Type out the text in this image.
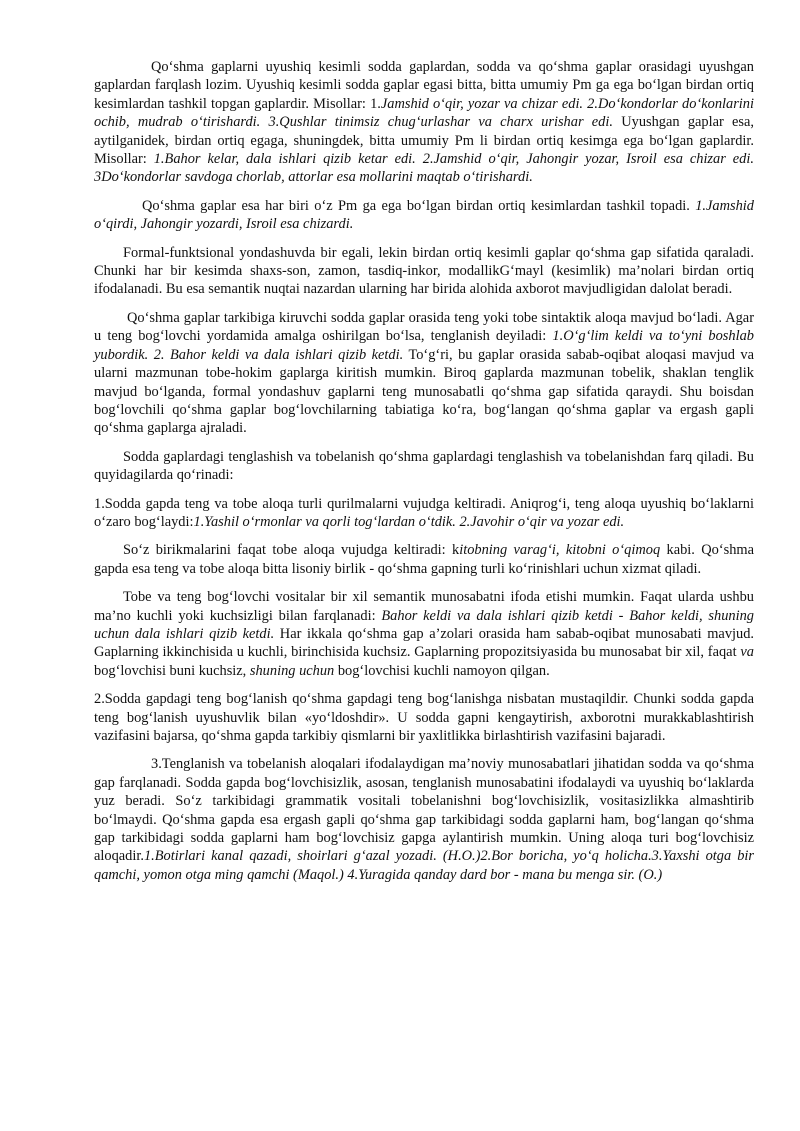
Qo‘shma gaplarni uyushiq kesimli sodda gaplardan, sodda va qo‘shma gaplar orasidagi uyushgan gaplardan farqlash lozim. Uyushiq kesimli sodda gaplar egasi bitta, bitta umumiy Pm ga ega bo‘lgan birdan ortiq kesimlardan tashkil topgan gaplardir. Misollar: 1.Jamshid o‘qir, yozar va chizar edi. 2.Do‘kondorlar do‘konlarini ochib, mudrab o‘tirishardi. 3.Qushlar tinimsiz chug‘urlashar va charx urishar edi. Uyushgan gaplar esa, aytilganidek, birdan ortiq egaga, shuningdek, bitta umumiy Pm li birdan ortiq kesimga ega bo‘lgan gaplardir. Misollar: 1.Bahor kelar, dala ishlari qizib ketar edi. 2.Jamshid o‘qir, Jahongir yozar, Isroil esa chizar edi. 3Do‘kondorlar savdoga chorlab, attorlar esa mollarini maqtab o‘tirishardi.

Qo‘shma gaplar esa har biri o‘z Pm ga ega bo‘lgan birdan ortiq kesimlardan tashkil topadi. 1.Jamshid o‘qirdi, Jahongir yozardi, Isroil esa chizardi.

Formal-funktsional yondashuvda bir egali, lekin birdan ortiq kesimli gaplar qo‘shma gap sifatida qaraladi. Chunki har bir kesimda shaxs-son, zamon, tasdiq-inkor, modallikG‘mayl (kesimlik) ma’nolari birdan ortiq ifodalanadi. Bu esa semantik nuqtai nazardan ularning har birida alohida axborot mavjudligidan dalolat beradi.

Qo‘shma gaplar tarkibiga kiruvchi sodda gaplar orasida teng yoki tobe sintaktik aloqa mavjud bo‘ladi. Agar u teng bog‘lovchi yordamida amalga oshirilgan bo‘lsa, tenglanish deyiladi: 1.O‘g‘lim keldi va to‘yni boshlab yubordik. 2. Bahor keldi va dala ishlari qizib ketdi. To‘g‘ri, bu gaplar orasida sabab-oqibat aloqasi mavjud va ularni mazmunan tobe-hokim gaplarga kiritish mumkin. Biroq gaplarda mazmunan tobelik, shaklan tenglik mavjud bo‘lganda, formal yondashuv gaplarni teng munosabatli qo‘shma gap sifatida qaraydi. Shu boisdan bog‘lovchili qo‘shma gaplar bog‘lovchilarning tabiatiga ko‘ra, bog‘langan qo‘shma gaplar va ergash gapli qo‘shma gaplarga ajraladi.

Sodda gaplardagi tenglashish va tobelanish qo‘shma gaplardagi tenglashish va tobelanishdan farq qiladi. Bu quyidagilarda qo‘rinadi:

1.Sodda gapda teng va tobe aloqa turli qurilmalarni vujudga keltiradi. Aniqrog‘i, teng aloqa uyushiq bo‘laklarni o‘zaro bog‘laydi:1.Yashil o‘rmonlar va qorli tog‘lardan o‘tdik. 2.Javohir o‘qir va yozar edi.

So‘z birikmalarini faqat tobe aloqa vujudga keltiradi: kitobning varag‘i, kitobni o‘qimoq kabi. Qo‘shma gapda esa teng va tobe aloqa bitta lisoniy birlik - qo‘shma gapning turli ko‘rinishlari uchun xizmat qiladi.

Tobe va teng bog‘lovchi vositalar bir xil semantik munosabatni ifoda etishi mumkin. Faqat ularda ushbu ma’no kuchli yoki kuchsizligi bilan farqlanadi: Bahor keldi va dala ishlari qizib ketdi - Bahor keldi, shuning uchun dala ishlari qizib ketdi. Har ikkala qo‘shma gap a’zolari orasida ham sabab-oqibat munosabati mavjud. Gaplarning ikkinchisida u kuchli, birinchisida kuchsiz. Gaplarning propozitsiyasida bu munosabat bir xil, faqat va bog‘lovchisi buni kuchsiz, shuning uchun bog‘lovchisi kuchli namoyon qilgan.

2.Sodda gapdagi teng bog‘lanish qo‘shma gapdagi teng bog‘lanishga nisbatan mustaqildir. Chunki sodda gapda teng bog‘lanish uyushuvlik bilan «yo‘ldoshdir». U sodda gapni kengaytirish, axborotni murakkablashtirish vazifasini bajarsa, qo‘shma gapda tarkibiy qismlarni bir yaxlitlikka birlashtirish vazifasini bajaradi.

3.Tenglanish va tobelanish aloqalari ifodalaydigan ma’noviy munosabatlari jihatidan sodda va qo‘shma gap farqlanadi. Sodda gapda bog‘lovchisizlik, asosan, tenglanish munosabatini ifodalaydi va uyushiq bo‘laklarda yuz beradi. So‘z tarkibidagi grammatik vositali tobelanishni bog‘lovchisizlik, vositasizlikka almashtirib bo‘lmaydi. Qo‘shma gapda esa ergash gapli qo‘shma gap tarkibidagi sodda gaplarni ham, bog‘langan qo‘shma gap tarkibidagi sodda gaplarni ham bog‘lovchisiz gapga aylantirish mumkin. Uning aloqa turi bog‘lovchisiz aloqadir.1.Botirlari kanal qazadi, shoirlari g‘azal yozadi. (H.O.)2.Bor boricha, yo‘q holicha.3.Yaxshi otga bir qamchi, yomon otga ming qamchi (Maqol.) 4.Yuragida qanday dard bor - mana bu menga sir. (O.)
